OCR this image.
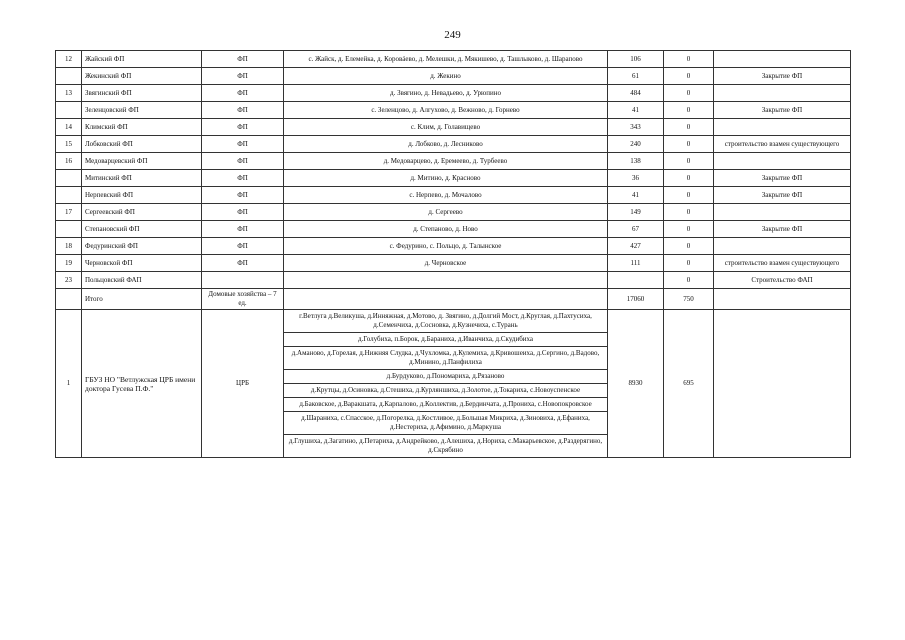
249
12	Жайский ФП	ФП	с. Жайск, д. Елемейка, д. Коровáево, д. Мелешки, д. Мякишево, д. Ташлыково, д. Шарапово	106	0	
	Жекинский ФП	ФП	д. Жекино	61	0	Закрытие ФП
13	Звягинский ФП	ФП	д. Звягино, д. Невадьево, д. Урюпино	484	0	
	Зеленцовский ФП	ФП	с. Зеленцово, д. Алгухово, д. Вежново, д. Горнево	41	0	Закрытие ФП
14	Климский ФП	ФП	с. Клим, д. Голавищево	343	0	
15	Лобковский ФП	ФП	д. Лобково, д. Лесниково	240	0	строительство взамен существующего
16	Медоварцевский ФП	ФП	д. Медоварцево, д. Еремеево, д. Турбеево	138	0	
	Митинский ФП	ФП	д. Митино, д. Красново	36	0	Закрытие ФП
	Нерпевский ФП	ФП	с. Нерпево, д. Мочалово	41	0	Закрытие ФП
17	Сергеевский ФП	ФП	д. Сергеево	149	0	
	Степановский ФП	ФП	д. Степаново, д. Ново	67	0	Закрытие ФП
18	Федуринский ФП	ФП	с. Федурино, с. Польцо, д. Талынское	427	0	
19	Черновской ФП	ФП	д. Черновское	111	0	строительство взамен существующего
23	Польцовский ФАП				0	Строительство ФАП
	Итого	Домовые хозяйства – 7 ед.		17060	750	
1	ГБУЗ НО "Ветлужская ЦРБ имени доктора Гусева П.Ф."	ЦРБ	
г.Ветлуга д.Великуша, д.Инняжная, д.Мотово, д. Звягино, д.Долгий Мост, д.Круглая, д.Пахтусиха, д.Семенчиха, д.Сосновка, д.Кузнечиха, с.Турань
д.Голубиха, п.Борок, д.Бараниха, д.Иванчиха, д.Скудибиха
д.Аманово, д.Горелая, д.Нижняя Слудка, д.Чухломка, д.Кулемиха, д.Кривошеиха, д.Сергино, д.Вадово, д.Минино, д.Панфилиха
д.Бурдуково, д.Пономариха, д.Рязаново
д.Крутцы, д.Осиновка, д.Стешиха, д.Курляншиха, д.Золотое, д.Токариха, с.Новоуспенское
д.Баковское, д.Варакшата, д.Карпалово, д.Коллектив, д.Бердинчата, д.Прониха, с.Новопокровское
д.Шараниха, с.Спасское, д.Погорелка, д.Костливое, д.Большая Микриха, д.Зиновиха, д.Ефаниха, д.Нестериха, д.Афимино, д.Маркуша
д.Глушиха, д.Загатино, д.Петариха, д.Андрейково, д.Алешиха, д.Нориха, с.Макарьевское, д.Раздерягино, д.Скрябино
	8930	695	
